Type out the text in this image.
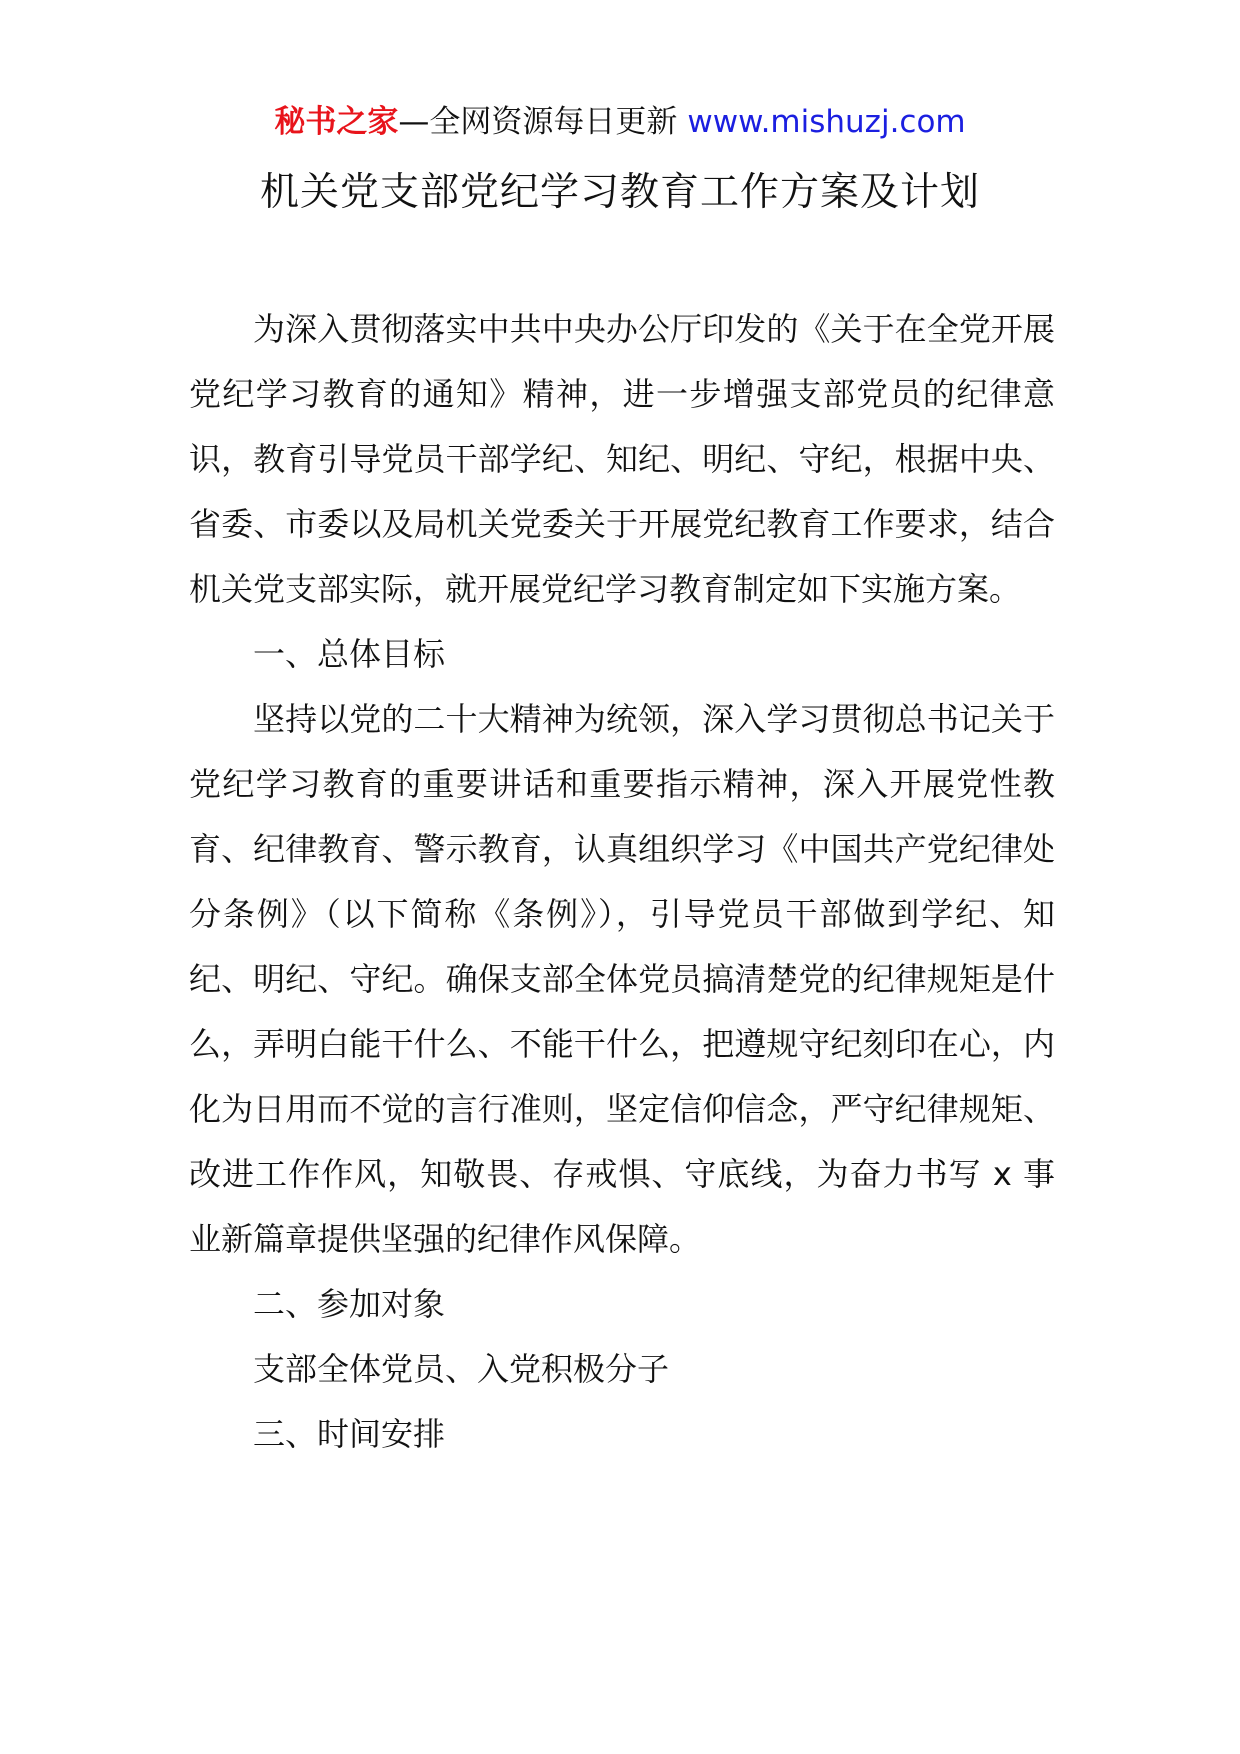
秘书之家—全网资源每日更新 www.mishuzj.com
机关党支部党纪学习教育工作方案及计划

为深入贯彻落实中共中央办公厅印发的《关于在全党开展党纪学习教育的通知》精神，进一步增强支部党员的纪律意识，教育引导党员干部学纪、知纪、明纪、守纪，根据中央、省委、市委以及局机关党委关于开展党纪教育工作要求，结合机关党支部实际，就开展党纪学习教育制定如下实施方案。

一、总体目标

坚持以党的二十大精神为统领，深入学习贯彻总书记关于党纪学习教育的重要讲话和重要指示精神，深入开展党性教育、纪律教育、警示教育，认真组织学习《中国共产党纪律处分条例》（以下简称《条例》），引导党员干部做到学纪、知纪、明纪、守纪。确保支部全体党员搞清楚党的纪律规矩是什么，弄明白能干什么、不能干什么，把遵规守纪刻印在心，内化为日用而不觉的言行准则，坚定信仰信念，严守纪律规矩、改进工作作风，知敬畏、存戒惧、守底线，为奋力书写 x 事业新篇章提供坚强的纪律作风保障。

二、参加对象

支部全体党员、入党积极分子

三、时间安排
